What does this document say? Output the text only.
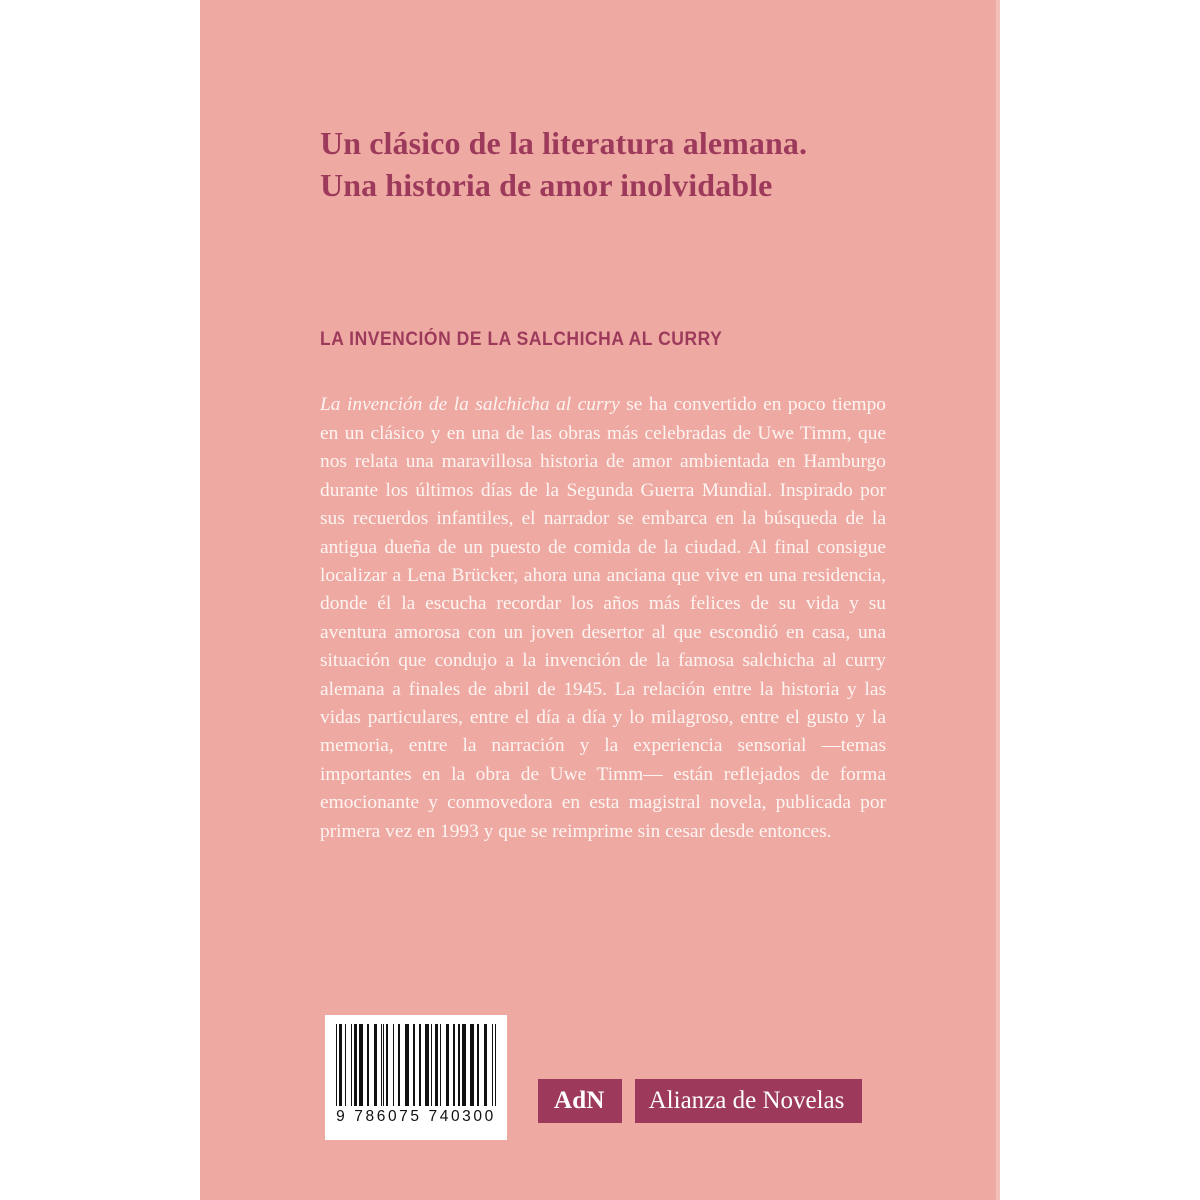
Un clásico de la literatura alemana. Una historia de amor inolvidable
LA INVENCIÓN DE LA SALCHICHA AL CURRY

La invención de la salchicha al curry se ha convertido en poco tiempo en un clásico y en una de las obras más celebradas de Uwe Timm, que nos relata una maravillosa historia de amor ambientada en Hamburgo durante los últimos días de la Segunda Guerra Mundial. Inspirado por sus recuerdos infantiles, el narrador se embarca en la búsqueda de la antigua dueña de un puesto de comida de la ciudad. Al final consigue localizar a Lena Brücker, ahora una anciana que vive en una residencia, donde él la escucha recordar los años más felices de su vida y su aventura amorosa con un joven desertor al que escondió en casa, una situación que condujo a la invención de la famosa salchicha al curry alemana a finales de abril de 1945. La relación entre la historia y las vidas particulares, entre el día a día y lo milagroso, entre el gusto y la memoria, entre la narración y la experiencia sensorial —temas importantes en la obra de Uwe Timm— están reflejados de forma emocionante y conmovedora en esta magistral novela, publicada por primera vez en 1993 y que se reimprime sin cesar desde entonces.

9 786075 740300
AdN	Alianza de Novelas
